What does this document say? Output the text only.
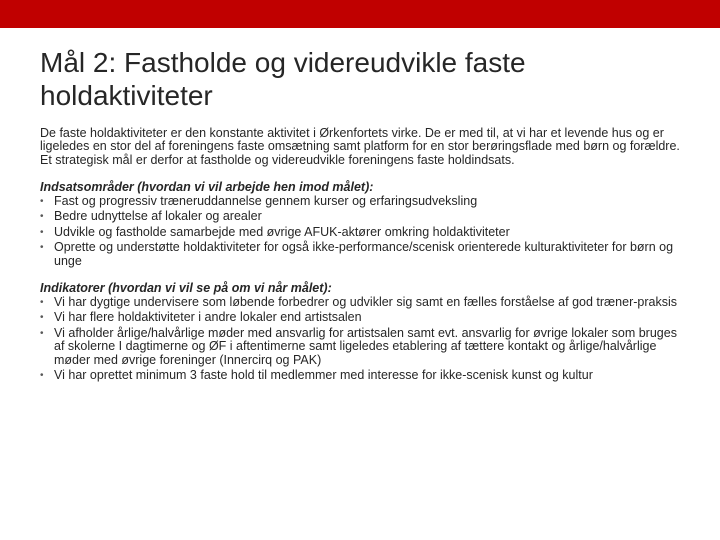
Mål 2: Fastholde og videreudvikle faste holdaktiviteter

De faste holdaktiviteter er den konstante aktivitet i Ørkenfortets virke. De er med til, at vi har et levende hus og er ligeledes en stor del af foreningens faste omsætning samt platform for en stor berøringsflade med børn og forældre. Et strategisk mål er derfor at fastholde og videreudvikle foreningens faste holdindsats.

Indsatsområder (hvordan vi vil arbejde hen imod målet):

• Fast og progressiv træneruddannelse gennem kurser og erfaringsudveksling
• Bedre udnyttelse af lokaler og arealer
• Udvikle og fastholde samarbejde med øvrige AFUK-aktører omkring holdaktiviteter
• Oprette og understøtte holdaktiviteter for også ikke-performance/scenisk orienterede kulturaktiviteter for børn og unge

Indikatorer (hvordan vi vil se på om vi når målet):

• Vi har dygtige undervisere som løbende forbedrer og udvikler sig samt en fælles forståelse af god træner-praksis
• Vi har flere holdaktiviteter i andre lokaler end artistsalen
• Vi afholder årlige/halvårlige møder med ansvarlig for artistsalen samt evt. ansvarlig for øvrige lokaler som bruges af skolerne I dagtimerne og ØF i aftentimerne samt ligeledes etablering af tættere kontakt og årlige/halvårlige møder med øvrige foreninger (Innercirq og PAK)
• Vi har oprettet minimum 3 faste hold til medlemmer med interesse for ikke-scenisk kunst og kultur
